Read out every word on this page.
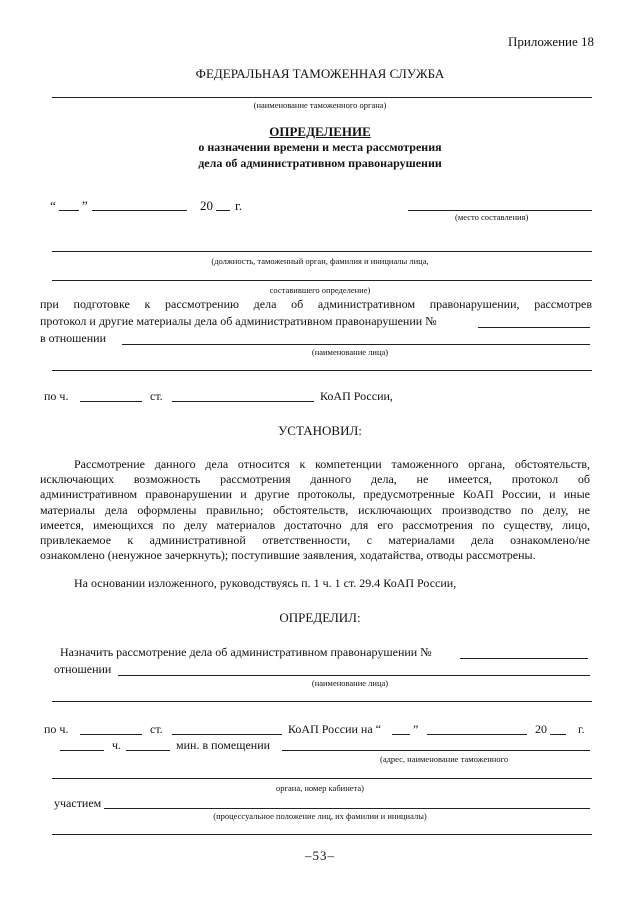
Приложение 18
ФЕДЕРАЛЬНАЯ ТАМОЖЕННАЯ СЛУЖБА
(наименование таможенного органа)
ОПРЕДЕЛЕНИЕ
о назначении времени и места рассмотрения
дела об административном правонарушении
“ ”	20 г.
(место составления)
(должность, таможенный орган, фамилия и инициалы лица,
составившего определение)
при подготовке к рассмотрению дела об административном правонарушении, рассмотрев
протокол и другие материалы дела об административном правонарушении №
в отношении
(наименование лица)
по ч.	ст.	КоАП России,
УСТАНОВИЛ:
Рассмотрение данного дела относится к компетенции таможенного органа, обстоятельств,
исключающих возможность рассмотрения данного дела, не имеется, протокол об
административном правонарушении и другие протоколы, предусмотренные КоАП России, и иные
материалы дела оформлены правильно; обстоятельств, исключающих производство по делу, не
имеется, имеющихся по делу материалов достаточно для его рассмотрения по существу, лицо,
привлекаемое к административной ответственности, с материалами дела ознакомлено/не
ознакомлено (ненужное зачеркнуть); поступившие заявления, ходатайства, отводы рассмотрены.
На основании изложенного, руководствуясь п. 1 ч. 1 ст. 29.4 КоАП России,
ОПРЕДЕЛИЛ:
Назначить рассмотрение дела об административном правонарушении №
отношении
(наименование лица)
по ч.	ст.	КоАП России на “	”	20	г.
ч.	мин. в помещении
(адрес, наименование таможенного
органа, номер кабинета)
участием
(процессуальное положение лиц, их фамилии и инициалы)
–53–
